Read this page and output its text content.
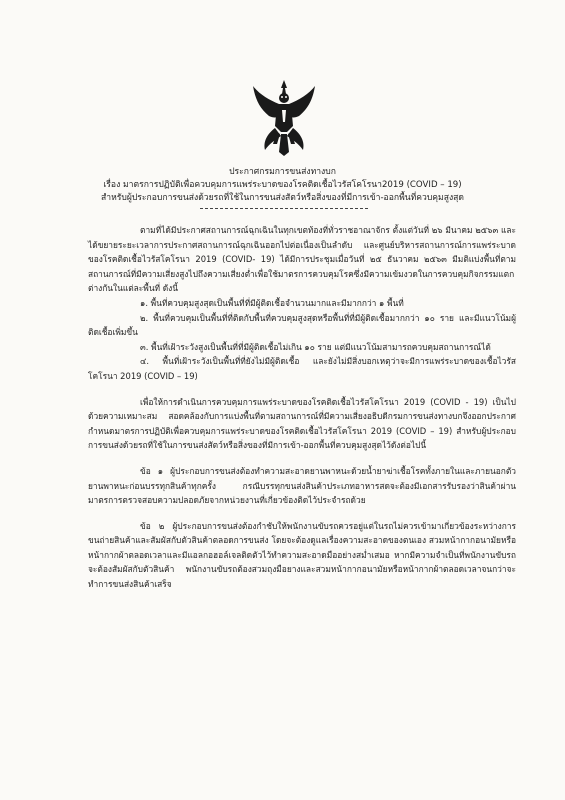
ประกาศกรมการขนส่งทางบก
เรื่อง มาตรการปฏิบัติเพื่อควบคุมการแพร่ระบาดของโรคติดเชื้อไวรัสโคโรนา2019 (COVID – 19)
สำหรับผู้ประกอบการขนส่งด้วยรถที่ใช้ในการขนส่งสัตว์หรือสิ่งของที่มีการเข้า-ออกพื้นที่ควบคุมสูงสุด

ตามที่ได้มีประกาศสถานการณ์ฉุกเฉินในทุกเขตท้องที่ทั่วราชอาณาจักร ตั้งแต่วันที่ ๒๖ มีนาคม ๒๕๖๓ และได้ขยายระยะเวลาการประกาศสถานการณ์ฉุกเฉินออกไปต่อเนื่องเป็นลำดับ และศูนย์บริหารสถานการณ์การแพร่ระบาดของโรคติดเชื้อไวรัสโคโรนา 2019 (COVID- 19) ได้มีการประชุมเมื่อวันที่ ๒๕ ธันวาคม ๒๕๖๓ มีมติแบ่งพื้นที่ตามสถานการณ์ที่มีความเสี่ยงสูงไปถึงความเสี่ยงต่ำเพื่อใช้มาตรการควบคุมโรคซึ่งมีความเข้มงวดในการควบคุมกิจกรรมแตกต่างกันในแต่ละพื้นที่ ดังนี้

๑. พื้นที่ควบคุมสูงสุดเป็นพื้นที่ที่มีผู้ติดเชื้อจำนวนมากและมีมากกว่า ๑ พื้นที่

๒. พื้นที่ควบคุมเป็นพื้นที่ที่ติดกับพื้นที่ควบคุมสูงสุดหรือพื้นที่ที่มีผู้ติดเชื้อมากกว่า ๑๐ ราย และมีแนวโน้มผู้ติดเชื้อเพิ่มขึ้น

๓. พื้นที่เฝ้าระวังสูงเป็นพื้นที่ที่มีผู้ติดเชื้อไม่เกิน ๑๐ ราย แต่มีแนวโน้มสามารถควบคุมสถานการณ์ได้

๔. พื้นที่เฝ้าระวังเป็นพื้นที่ที่ยังไม่มีผู้ติดเชื้อ และยังไม่มีสิ่งบอกเหตุว่าจะมีการแพร่ระบาดของเชื้อไวรัสโคโรนา 2019 (COVID – 19)

เพื่อให้การดำเนินการควบคุมการแพร่ระบาดของโรคติดเชื้อไวรัสโคโรนา 2019 (COVID - 19) เป็นไปด้วยความเหมาะสม สอดคล้องกับการแบ่งพื้นที่ตามสถานการณ์ที่มีความเสี่ยงอธิบดีกรมการขนส่งทางบกจึงออกประกาศกำหนดมาตรการปฏิบัติเพื่อควบคุมการแพร่ระบาดของโรคติดเชื้อไวรัสโคโรนา 2019 (COVID – 19) สำหรับผู้ประกอบการขนส่งด้วยรถที่ใช้ในการขนส่งสัตว์หรือสิ่งของที่มีการเข้า-ออกพื้นที่ควบคุมสูงสุดไว้ดังต่อไปนี้

ข้อ ๑ ผู้ประกอบการขนส่งต้องทำความสะอาดยานพาหนะด้วยน้ำยาฆ่าเชื้อโรคทั้งภายในและภายนอกตัวยานพาหนะก่อนบรรทุกสินค้าทุกครั้ง กรณีบรรทุกขนส่งสินค้าประเภทอาหารสดจะต้องมีเอกสารรับรองว่าสินค้าผ่านมาตรการตรวจสอบความปลอดภัยจากหน่วยงานที่เกี่ยวข้องติดไว้ประจำรถด้วย

ข้อ ๒ ผู้ประกอบการขนส่งต้องกำชับให้พนักงานขับรถควรอยู่แต่ในรถไม่ควรเข้ามาเกี่ยวข้องระหว่างการขนถ่ายสินค้าและสัมผัสกับตัวสินค้าตลอดการขนส่ง โดยจะต้องดูแลเรื่องความสะอาดของตนเอง สวมหน้ากากอนามัยหรือหน้ากากผ้าตลอดเวลาและมีแอลกอฮอล์เจลติดตัวไว้ทำความสะอาดมืออย่างสม่ำเสมอ หากมีความจำเป็นที่พนักงานขับรถจะต้องสัมผัสกับตัวสินค้า พนักงานขับรถต้องสวมถุงมือยางและสวมหน้ากากอนามัยหรือหน้ากากผ้าตลอดเวลาจนกว่าจะทำการขนส่งสินค้าเสร็จ
